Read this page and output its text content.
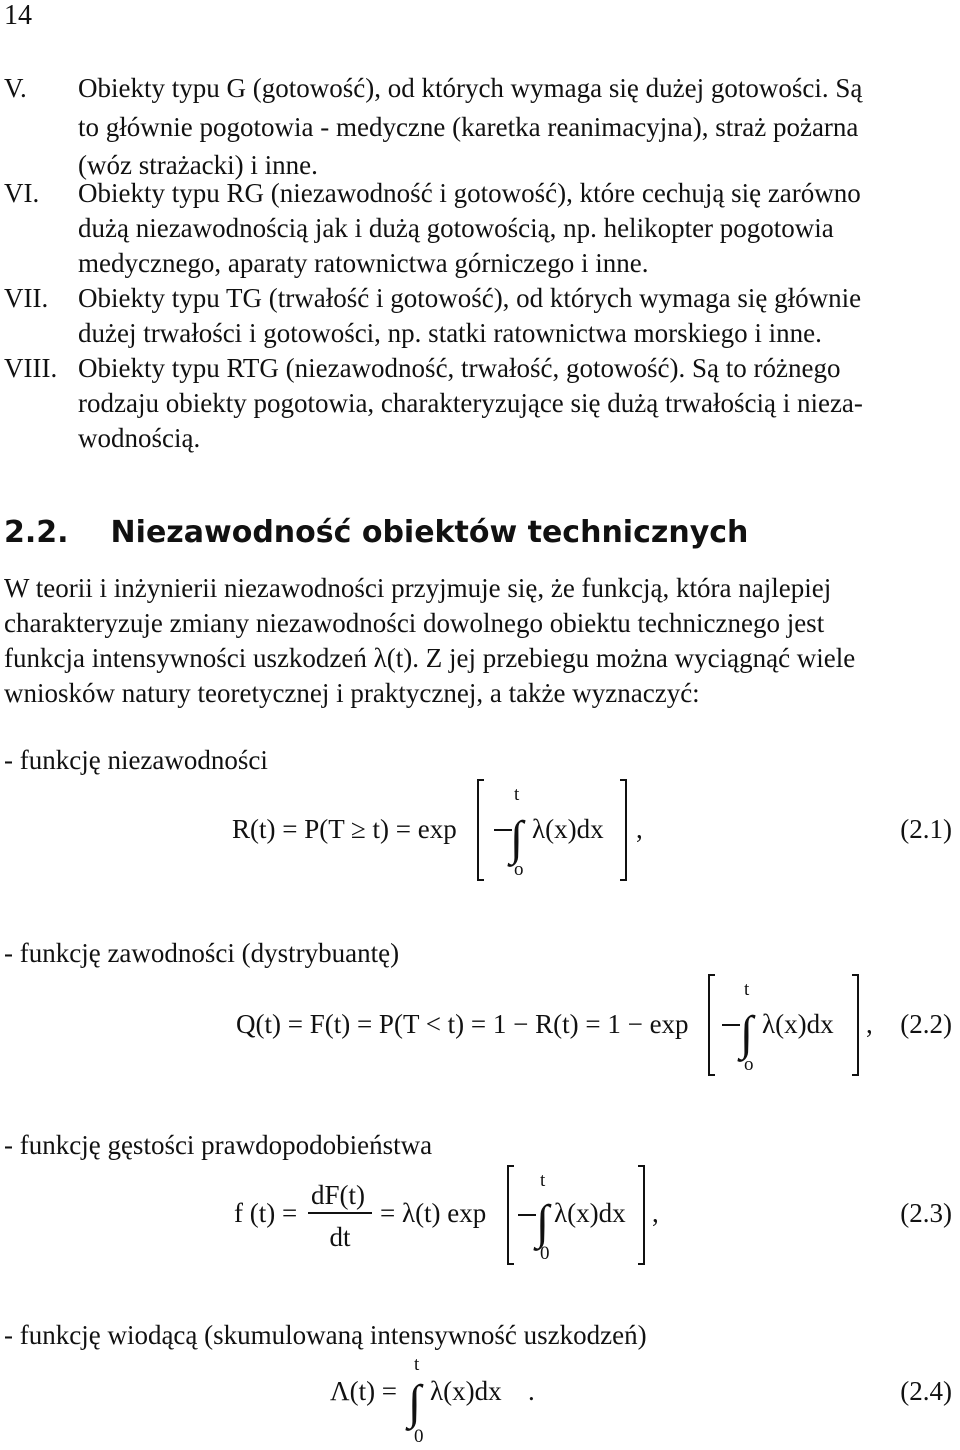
14
V. Obiekty typu G (gotowość), od których wymaga się dużej gotowości. Są
to głównie pogotowia - medyczne (karetka reanimacyjna), straż pożarna
(wóz strażacki) i inne.
VI. Obiekty typu RG (niezawodność i gotowość), które cechują się zarówno
dużą niezawodnością jak i dużą gotowością, np. helikopter pogotowia
medycznego, aparaty ratownictwa górniczego i inne.
VII. Obiekty typu TG (trwałość i gotowość), od których wymaga się głównie
dużej trwałości i gotowości, np. statki ratownictwa morskiego i inne.
VIII. Obiekty typu RTG (niezawodność, trwałość, gotowość). Są to różnego
rodzaju obiekty pogotowia, charakteryzujące się dużą trwałością i nieza-
wodnością.
2.2. Niezawodność obiektów technicznych
W teorii i inżynierii niezawodności przyjmuje się, że funkcją, która najlepiej
charakteryzuje zmiany niezawodności dowolnego obiektu technicznego jest
funkcja intensywności uszkodzeń λ(t). Z jej przebiegu można wyciągnąć wiele
wniosków natury teoretycznej i praktycznej, a także wyznaczyć:
- funkcję niezawodności
R(t) = P(T ≥ t) = exp
t
∫
o
λ(x)dx ,	(2.1)
- funkcję zawodności (dystrybuantę)
Q(t) = F(t) = P(T < t) = 1 − R(t) = 1 − exp
t
∫
o
λ(x)dx , (2.2)
- funkcję gęstości prawdopodobieństwa
f (t) =
dF(t)
dt
= λ(t) exp
t
∫
0
λ(x)dx ,	(2.3)
- funkcję wiodącą (skumulowaną intensywność uszkodzeń)
Λ(t) =
t
∫
0
λ(x)dx .	(2.4)
